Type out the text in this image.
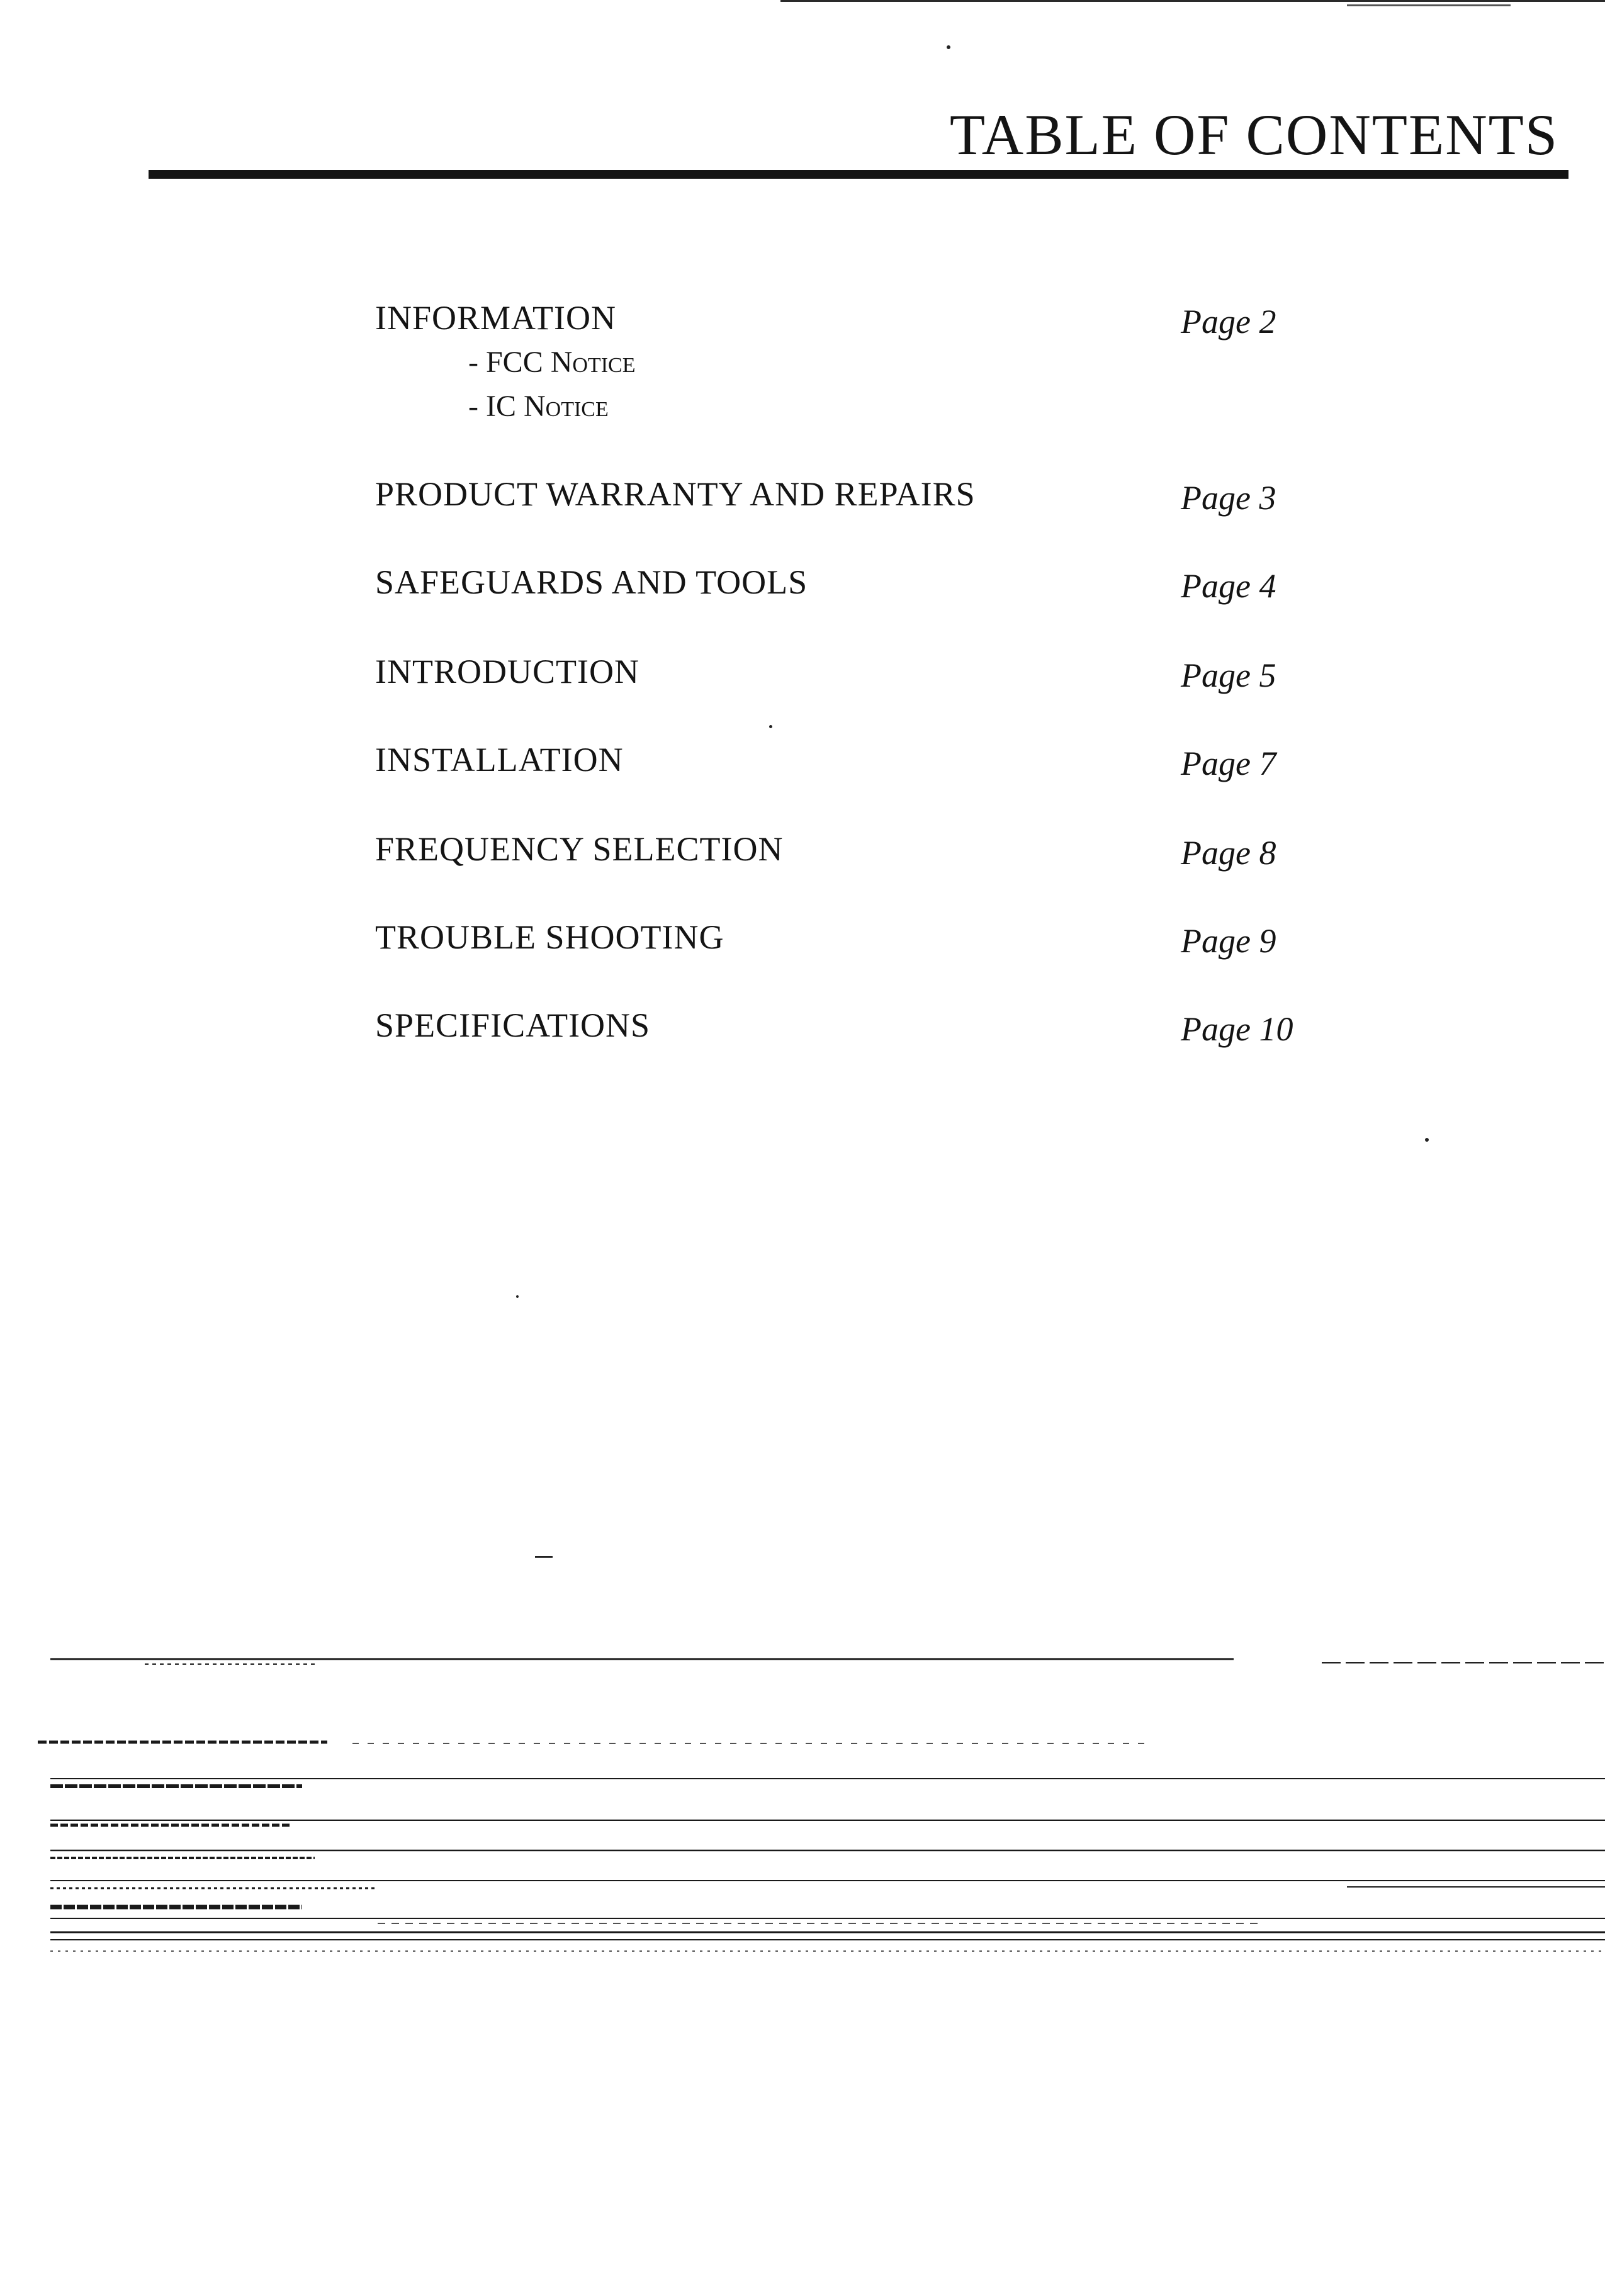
TABLE OF CONTENTS
INFORMATION	Page 2
- FCC Notice
- IC Notice
PRODUCT WARRANTY AND REPAIRS	Page 3
SAFEGUARDS AND TOOLS	Page 4
INTRODUCTION	Page 5
INSTALLATION	Page 7
FREQUENCY SELECTION	Page 8
TROUBLE SHOOTING	Page 9
SPECIFICATIONS	Page 10
